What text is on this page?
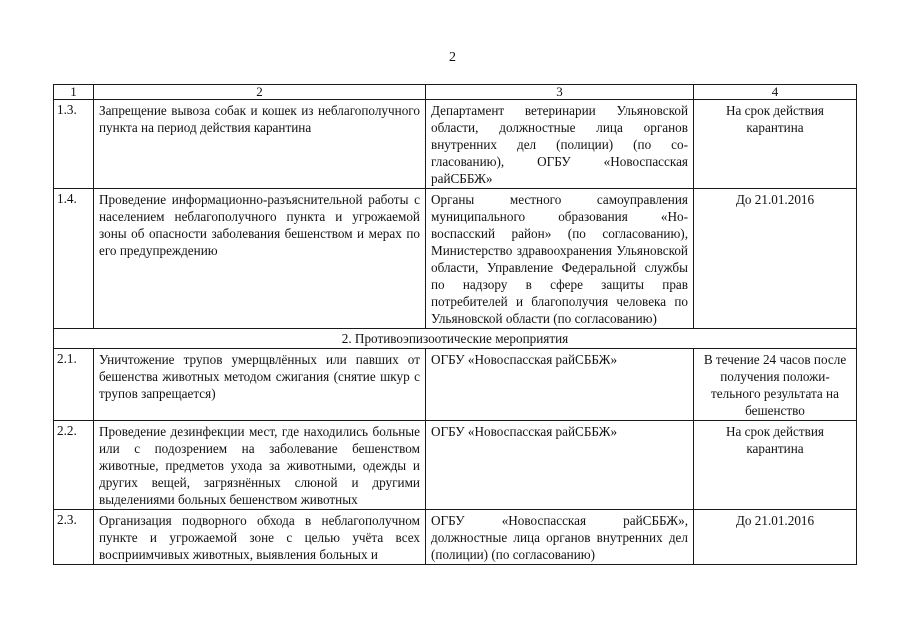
2
1	2	3	4
1.3.	Запрещение вывоза собак и кошек из неблагополучного пункта на период действия карантина	Департамент ветеринарии Ульяновской области, должностные лица органов внутренних дел (полиции) (по согласованию), ОГБУ «Новоспасская райСББЖ»	На срок действия карантина
1.4.	Проведение информационно-разъяснительной работы с населением неблагополучного пункта и угрожаемой зоны об опасности заболевания бешенством и мерах по его предупреждению	Органы местного самоуправления муниципального образования «Новоспасский район» (по согласованию), Министерство здравоохранения Ульяновской области, Управление Федеральной службы по надзору в сфере защиты прав потребителей и благополучия человека по Ульяновской области (по согласованию)	До 21.01.2016
2. Противоэпизоотические мероприятия			
2.1.	Уничтожение трупов умерщвлённых или павших от бешенства животных методом сжигания (снятие шкур с трупов запрещается)	ОГБУ «Новоспасская райСББЖ»	В течение 24 часов после получения положительного результата на бешенство
2.2.	Проведение дезинфекции мест, где находились больные или с подозрением на заболевание бешенством животные, предметов ухода за животными, одежды и других вещей, загрязнённых слюной и другими выделениями больных бешенством животных	ОГБУ «Новоспасская райСББЖ»	На срок действия карантина
2.3.	Организация подворного обхода в неблагополучном пункте и угрожаемой зоне с целью учёта всех восприимчивых животных, выявления больных и	ОГБУ «Новоспасская райСББЖ», должностные лица органов внутренних дел (полиции) (по согласованию)	До 21.01.2016
